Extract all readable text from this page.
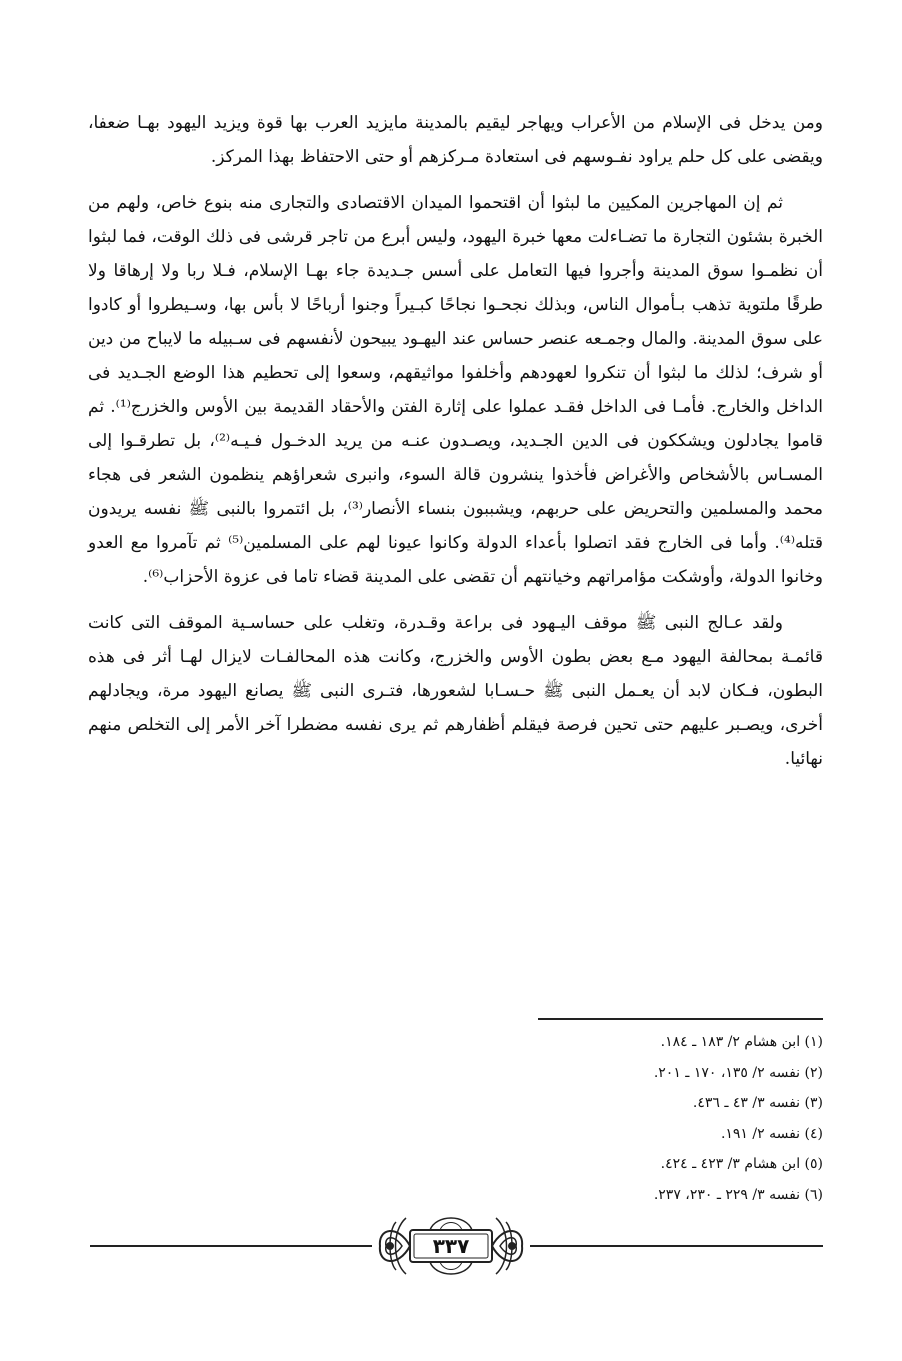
ومن يدخل فى الإسلام من الأعراب ويهاجر ليقيم بالمدينة مايزيد العرب بها قوة ويزيد اليهود بهـا ضعفا، ويقضى على كل حلم يراود نفـوسهم فى استعادة مـركزهم أو حتى الاحتفاظ بهذا المركز.

ثم إن المهاجرين المكيين ما لبثوا أن اقتحموا الميدان الاقتصادى والتجارى منه بنوع خاص، ولهم من الخبرة بشئون التجارة ما تضـاءلت معها خبرة اليهود، وليس أبرع من تاجر قرشى فى ذلك الوقت، فما لبثوا أن نظمـوا سوق المدينة وأجروا فيها التعامل على أسس جـديدة جاء بهـا الإسلام، فـلا ربا ولا إرهاقا ولا طرقًا ملتوية تذهب بـأموال الناس، وبذلك نجحـوا نجاحًا كبـيراً وجنوا أرباحًا لا بأس بها، وسـيطروا أو كادوا على سوق المدينة. والمال وجمـعه عنصر حساس عند اليهـود يبيحون لأنفسهم فى سـبيله ما لايباح من دين أو شرف؛ لذلك ما لبثوا أن تنكروا لعهودهم وأخلفوا مواثيقهم، وسعوا إلى تحطيم هذا الوضع الجـديد فى الداخل والخارج. فأمـا فى الداخل فقـد عملوا على إثارة الفتن والأحقاد القديمة بين الأوس والخزرج⁽¹⁾. ثم قاموا يجادلون ويشككون فى الدين الجـديد، ويصـدون عنـه من يريد الدخـول فـيـه⁽²⁾، بل تطرقـوا إلى المسـاس بالأشخاص والأغراض فأخذوا ينشرون قالة السوء، وانبرى شعراؤهم ينظمون الشعر فى هجاء محمد والمسلمين والتحريض على حربهم، ويشببون بنساء الأنصار⁽³⁾، بل ائتمروا بالنبى ﷺ نفسه يريدون قتله⁽⁴⁾. وأما فى الخارج فقد اتصلوا بأعداء الدولة وكانوا عيونا لهم على المسلمين⁽⁵⁾ ثم تآمروا مع العدو وخانوا الدولة، وأوشكت مؤامراتهم وخيانتهم أن تقضى على المدينة قضاء تاما فى عزوة الأحزاب⁽⁶⁾.

ولقد عـالج النبى ﷺ موقف اليـهود فى براعة وقـدرة، وتغلب على حساسـية الموقف التى كانت قائمـة بمحالفة اليهود مـع بعض بطون الأوس والخزرج، وكانت هذه المحالفـات لايزال لهـا أثر فى هذه البطون، فـكان لابد أن يعـمل النبى ﷺ حـسـابا لشعورها، فتـرى النبى ﷺ يصانع اليهود مرة، ويجادلهم أخرى، ويصـبر عليهم حتى تحين فرصة فيقلم أظفارهم ثم يرى نفسه مضطرا آخر الأمر إلى التخلص منهم نهائيا.

(١) ابن هشام ٢/ ١٨٣ ـ ١٨٤.
(٢) نفسه ٢/ ١٣٥، ١٧٠ ـ ٢٠١.
(٣) نفسه ٣/ ٤٣ ـ ٤٣٦.
(٤) نفسه ٢/ ١٩١.
(٥) ابن هشام ٣/ ٤٢٣ ـ ٤٢٤.
(٦) نفسه ٣/ ٢٢٩ ـ ٢٣٠، ٢٣٧.
٣٣٧
